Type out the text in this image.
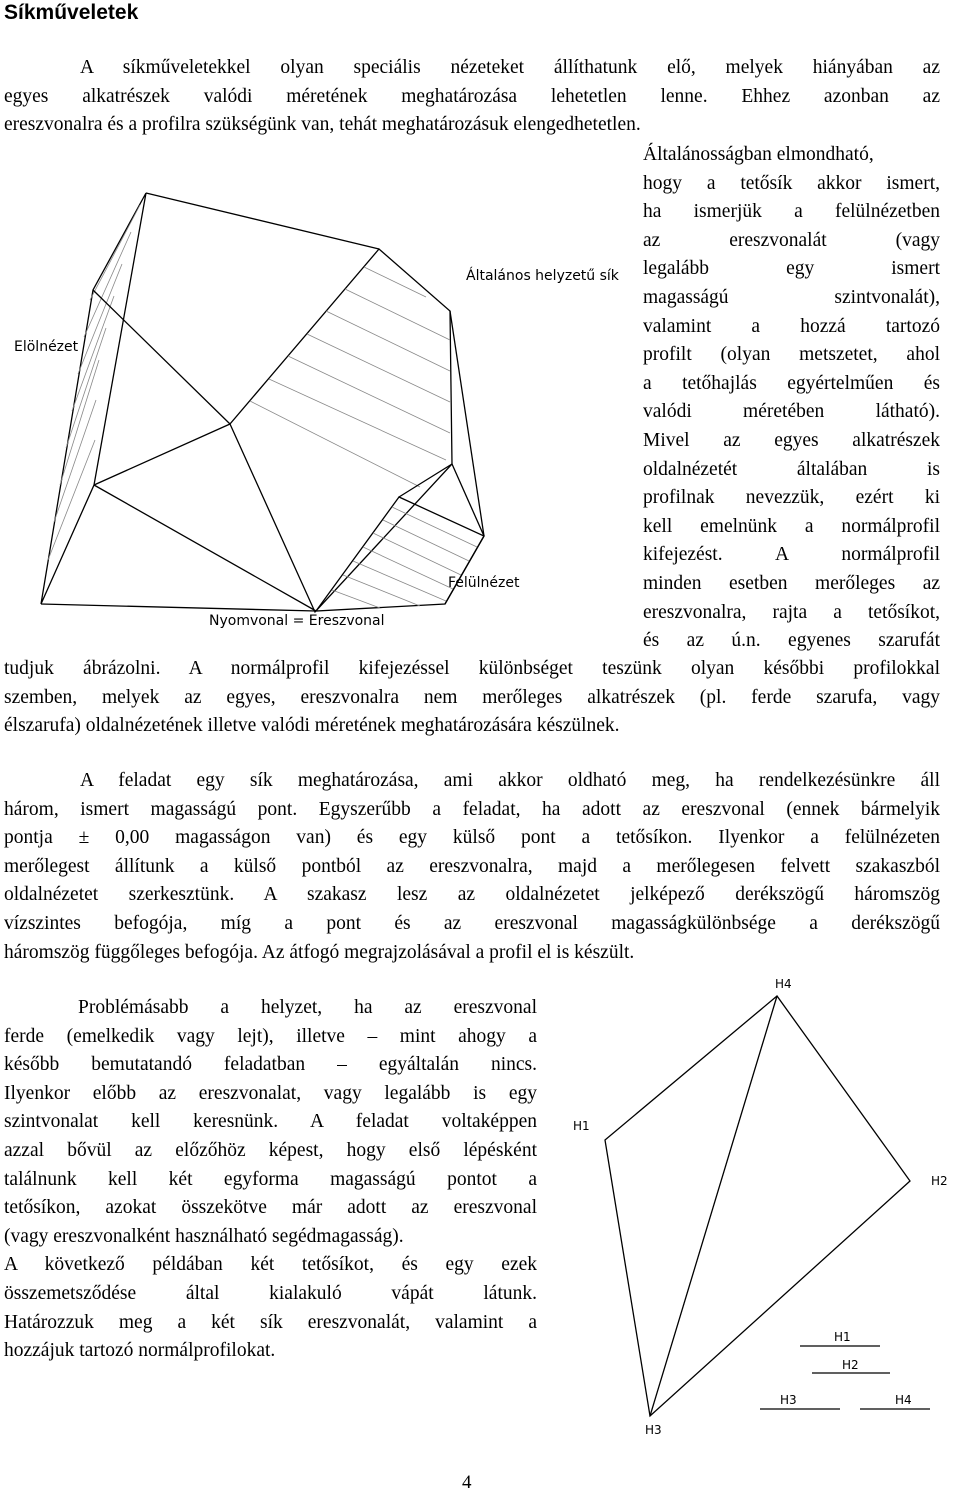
Síkműveletek
A síkműveletekkel olyan speciális nézeteket állíthatunk elő, melyek hiányában az
egyes alkatrészek valódi méretének meghatározása lehetetlen lenne. Ehhez azonban az
ereszvonalra és a profilra szükségünk van, tehát meghatározásuk elengedhetetlen.
Általánosságban elmondható,
hogy a tetősík akkor ismert,
ha ismerjük a felülnézetben
az ereszvonalát (vagy
legalább egy ismert
magasságú szintvonalát),
valamint a hozzá tartozó
profilt (olyan metszetet, ahol
a tetőhajlás egyértelműen és
valódi méretében látható).
Mivel az egyes alkatrészek
oldalnézetét általában is
profilnak nevezzük, ezért ki
kell emelnünk a normálprofil
kifejezést. A normálprofil
minden esetben merőleges az
ereszvonalra, rajta a tetősíkot,
és az ú.n. egyenes szarufát
tudjuk ábrázolni. A normálprofil kifejezéssel különbséget teszünk olyan későbbi profilokkal
szemben, melyek az egyes, ereszvonalra nem merőleges alkatrészek (pl. ferde szarufa, vagy
élszarufa) oldalnézetének illetve valódi méretének meghatározására készülnek.
A feladat egy sík meghatározása, ami akkor oldható meg, ha rendelkezésünkre áll
három, ismert magasságú pont. Egyszerűbb a feladat, ha adott az ereszvonal (ennek bármelyik
pontja ± 0,00 magasságon van) és egy külső pont a tetősíkon. Ilyenkor a felülnézeten
merőlegest állítunk a külső pontból az ereszvonalra, majd a merőlegesen felvett szakaszból
oldalnézetet szerkesztünk. A szakasz lesz az oldalnézetet jelképező derékszögű háromszög
vízszintes befogója, míg a pont és az ereszvonal magasságkülönbsége a derékszögű
háromszög függőleges befogója. Az átfogó megrajzolásával a profil el is készült.
Problémásabb a helyzet, ha az ereszvonal
ferde (emelkedik vagy lejt), illetve – mint ahogy a
később bemutatandó feladatban – egyáltalán nincs.
Ilyenkor előbb az ereszvonalat, vagy legalább is egy
szintvonalat kell keresnünk. A feladat voltaképpen
azzal bővül az előzőhöz képest, hogy első lépésként
találnunk kell két egyforma magasságú pontot a
tetősíkon, azokat összekötve már adott az ereszvonal
(vagy ereszvonalként használható segédmagasság).
A következő példában két tetősíkot, és egy ezek
összemetsződése által kialakuló vápát látunk.
Határozzuk meg a két sík ereszvonalát, valamint a
hozzájuk tartozó normálprofilokat.
Elölnézet
Általános helyzetű sík
Felülnézet
Nyomvonal = Ereszvonal
H4
H1
H2
H3
H1
H2
H3	H4
4
